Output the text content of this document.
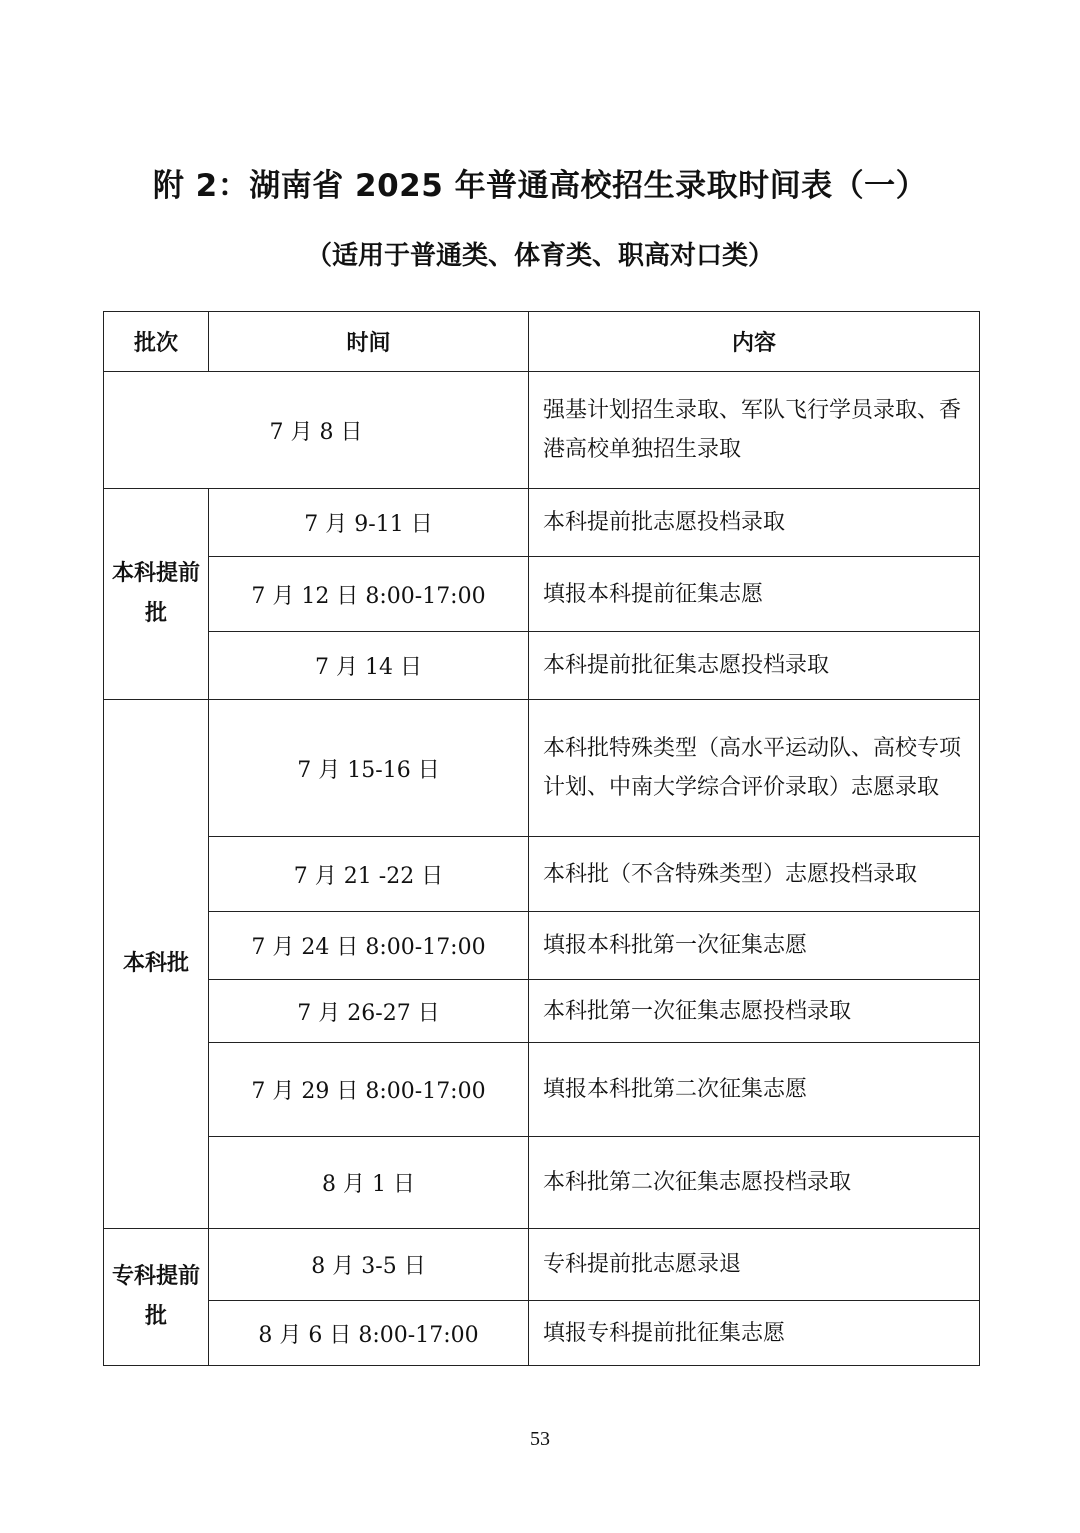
附 2：湖南省 2025 年普通高校招生录取时间表（一）
（适用于普通类、体育类、职高对口类）
批次	时间	内容
7 月 8 日		强基计划招生录取、军队飞行学员录取、香港高校单独招生录取
本科提前批	7 月 9-11 日	本科提前批志愿投档录取
	7 月 12 日 8:00-17:00	填报本科提前征集志愿
	7 月 14 日	本科提前批征集志愿投档录取
本科批	7 月 15-16 日	本科批特殊类型（高水平运动队、高校专项计划、中南大学综合评价录取）志愿录取
	7 月 21 -22 日	本科批（不含特殊类型）志愿投档录取
	7 月 24 日 8:00-17:00	填报本科批第一次征集志愿
	7 月 26-27 日	本科批第一次征集志愿投档录取
	7 月 29 日 8:00-17:00	填报本科批第二次征集志愿
	8 月 1 日	本科批第二次征集志愿投档录取
专科提前批	8 月 3-5 日	专科提前批志愿录退
	8 月 6 日 8:00-17:00	填报专科提前批征集志愿
53
